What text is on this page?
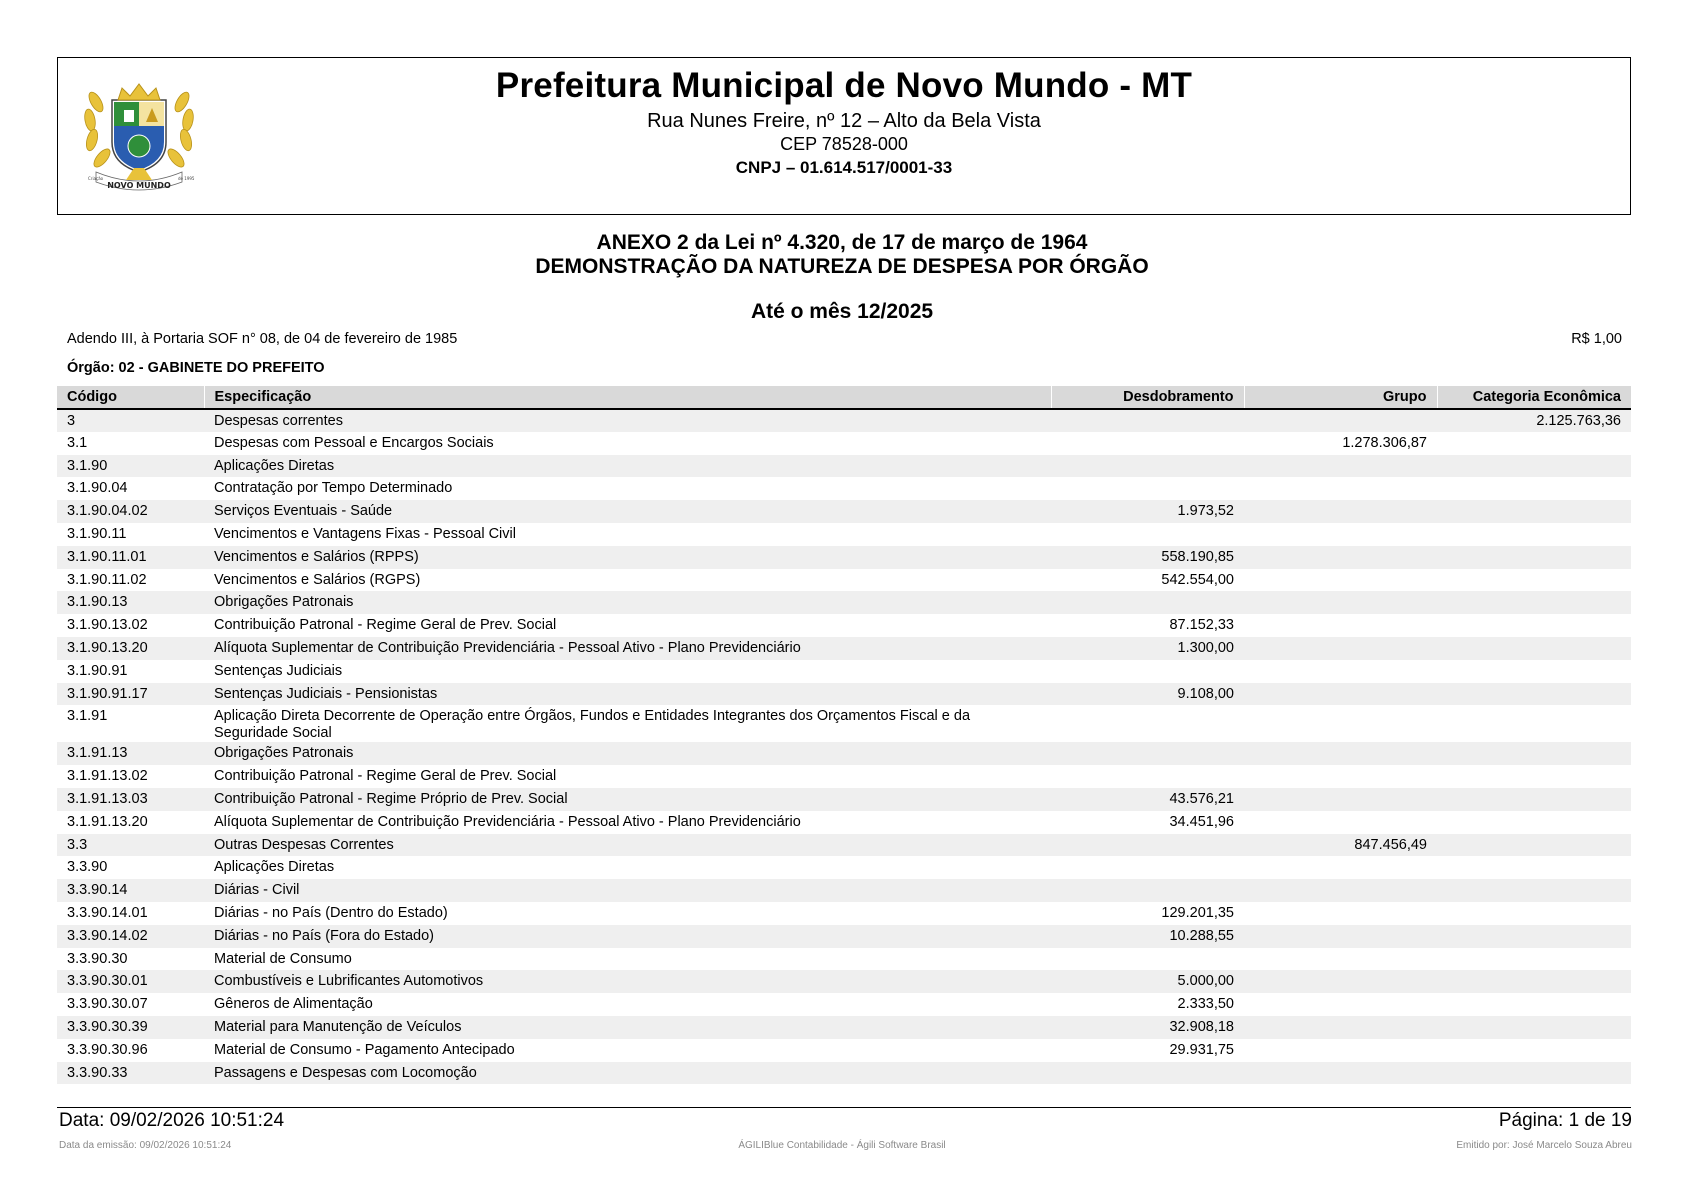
NOVO MUNDO
Criação	de 1995
Prefeitura Municipal de Novo Mundo - MT
Rua Nunes Freire, nº 12 – Alto da Bela Vista
CEP 78528-000
CNPJ – 01.614.517/0001-33
ANEXO 2 da Lei nº 4.320, de 17 de março de 1964
DEMONSTRAÇÃO DA NATUREZA DE DESPESA POR ÓRGÃO
Até o mês 12/2025
Adendo III, à Portaria SOF n° 08, de 04 de fevereiro de 1985	R$ 1,00
Órgão: 02 - GABINETE DO PREFEITO
Código	Especificação	Desdobramento	Grupo	Categoria Econômica
3	Despesas correntes			2.125.763,36
3.1	Despesas com Pessoal e Encargos Sociais		1.278.306,87	
3.1.90	Aplicações Diretas			
3.1.90.04	Contratação por Tempo Determinado			
3.1.90.04.02	Serviços Eventuais - Saúde	1.973,52		
3.1.90.11	Vencimentos e Vantagens Fixas - Pessoal Civil			
3.1.90.11.01	Vencimentos e Salários (RPPS)	558.190,85		
3.1.90.11.02	Vencimentos e Salários (RGPS)	542.554,00		
3.1.90.13	Obrigações Patronais			
3.1.90.13.02	Contribuição Patronal - Regime Geral de Prev. Social	87.152,33		
3.1.90.13.20	Alíquota Suplementar de Contribuição Previdenciária - Pessoal Ativo - Plano Previdenciário	1.300,00		
3.1.90.91	Sentenças Judiciais			
3.1.90.91.17	Sentenças Judiciais - Pensionistas	9.108,00		
3.1.91	Aplicação Direta Decorrente de Operação entre Órgãos, Fundos e Entidades Integrantes dos Orçamentos Fiscal e da Seguridade Social			
3.1.91.13	Obrigações Patronais			
3.1.91.13.02	Contribuição Patronal - Regime Geral de Prev. Social			
3.1.91.13.03	Contribuição Patronal - Regime Próprio de Prev. Social	43.576,21		
3.1.91.13.20	Alíquota Suplementar de Contribuição Previdenciária - Pessoal Ativo - Plano Previdenciário	34.451,96		
3.3	Outras Despesas Correntes		847.456,49	
3.3.90	Aplicações Diretas			
3.3.90.14	Diárias - Civil			
3.3.90.14.01	Diárias - no País (Dentro do Estado)	129.201,35		
3.3.90.14.02	Diárias - no País (Fora do Estado)	10.288,55		
3.3.90.30	Material de Consumo			
3.3.90.30.01	Combustíveis e Lubrificantes Automotivos	5.000,00		
3.3.90.30.07	Gêneros de Alimentação	2.333,50		
3.3.90.30.39	Material para Manutenção de Veículos	32.908,18		
3.3.90.30.96	Material de Consumo - Pagamento Antecipado	29.931,75		
3.3.90.33	Passagens e Despesas com Locomoção			
Data: 09/02/2026 10:51:24	Página: 1 de 19
Data da emissão: 09/02/2026 10:51:24	ÁGILIBlue Contabilidade - Ágili Software Brasil	Emitido por: José Marcelo Souza Abreu
